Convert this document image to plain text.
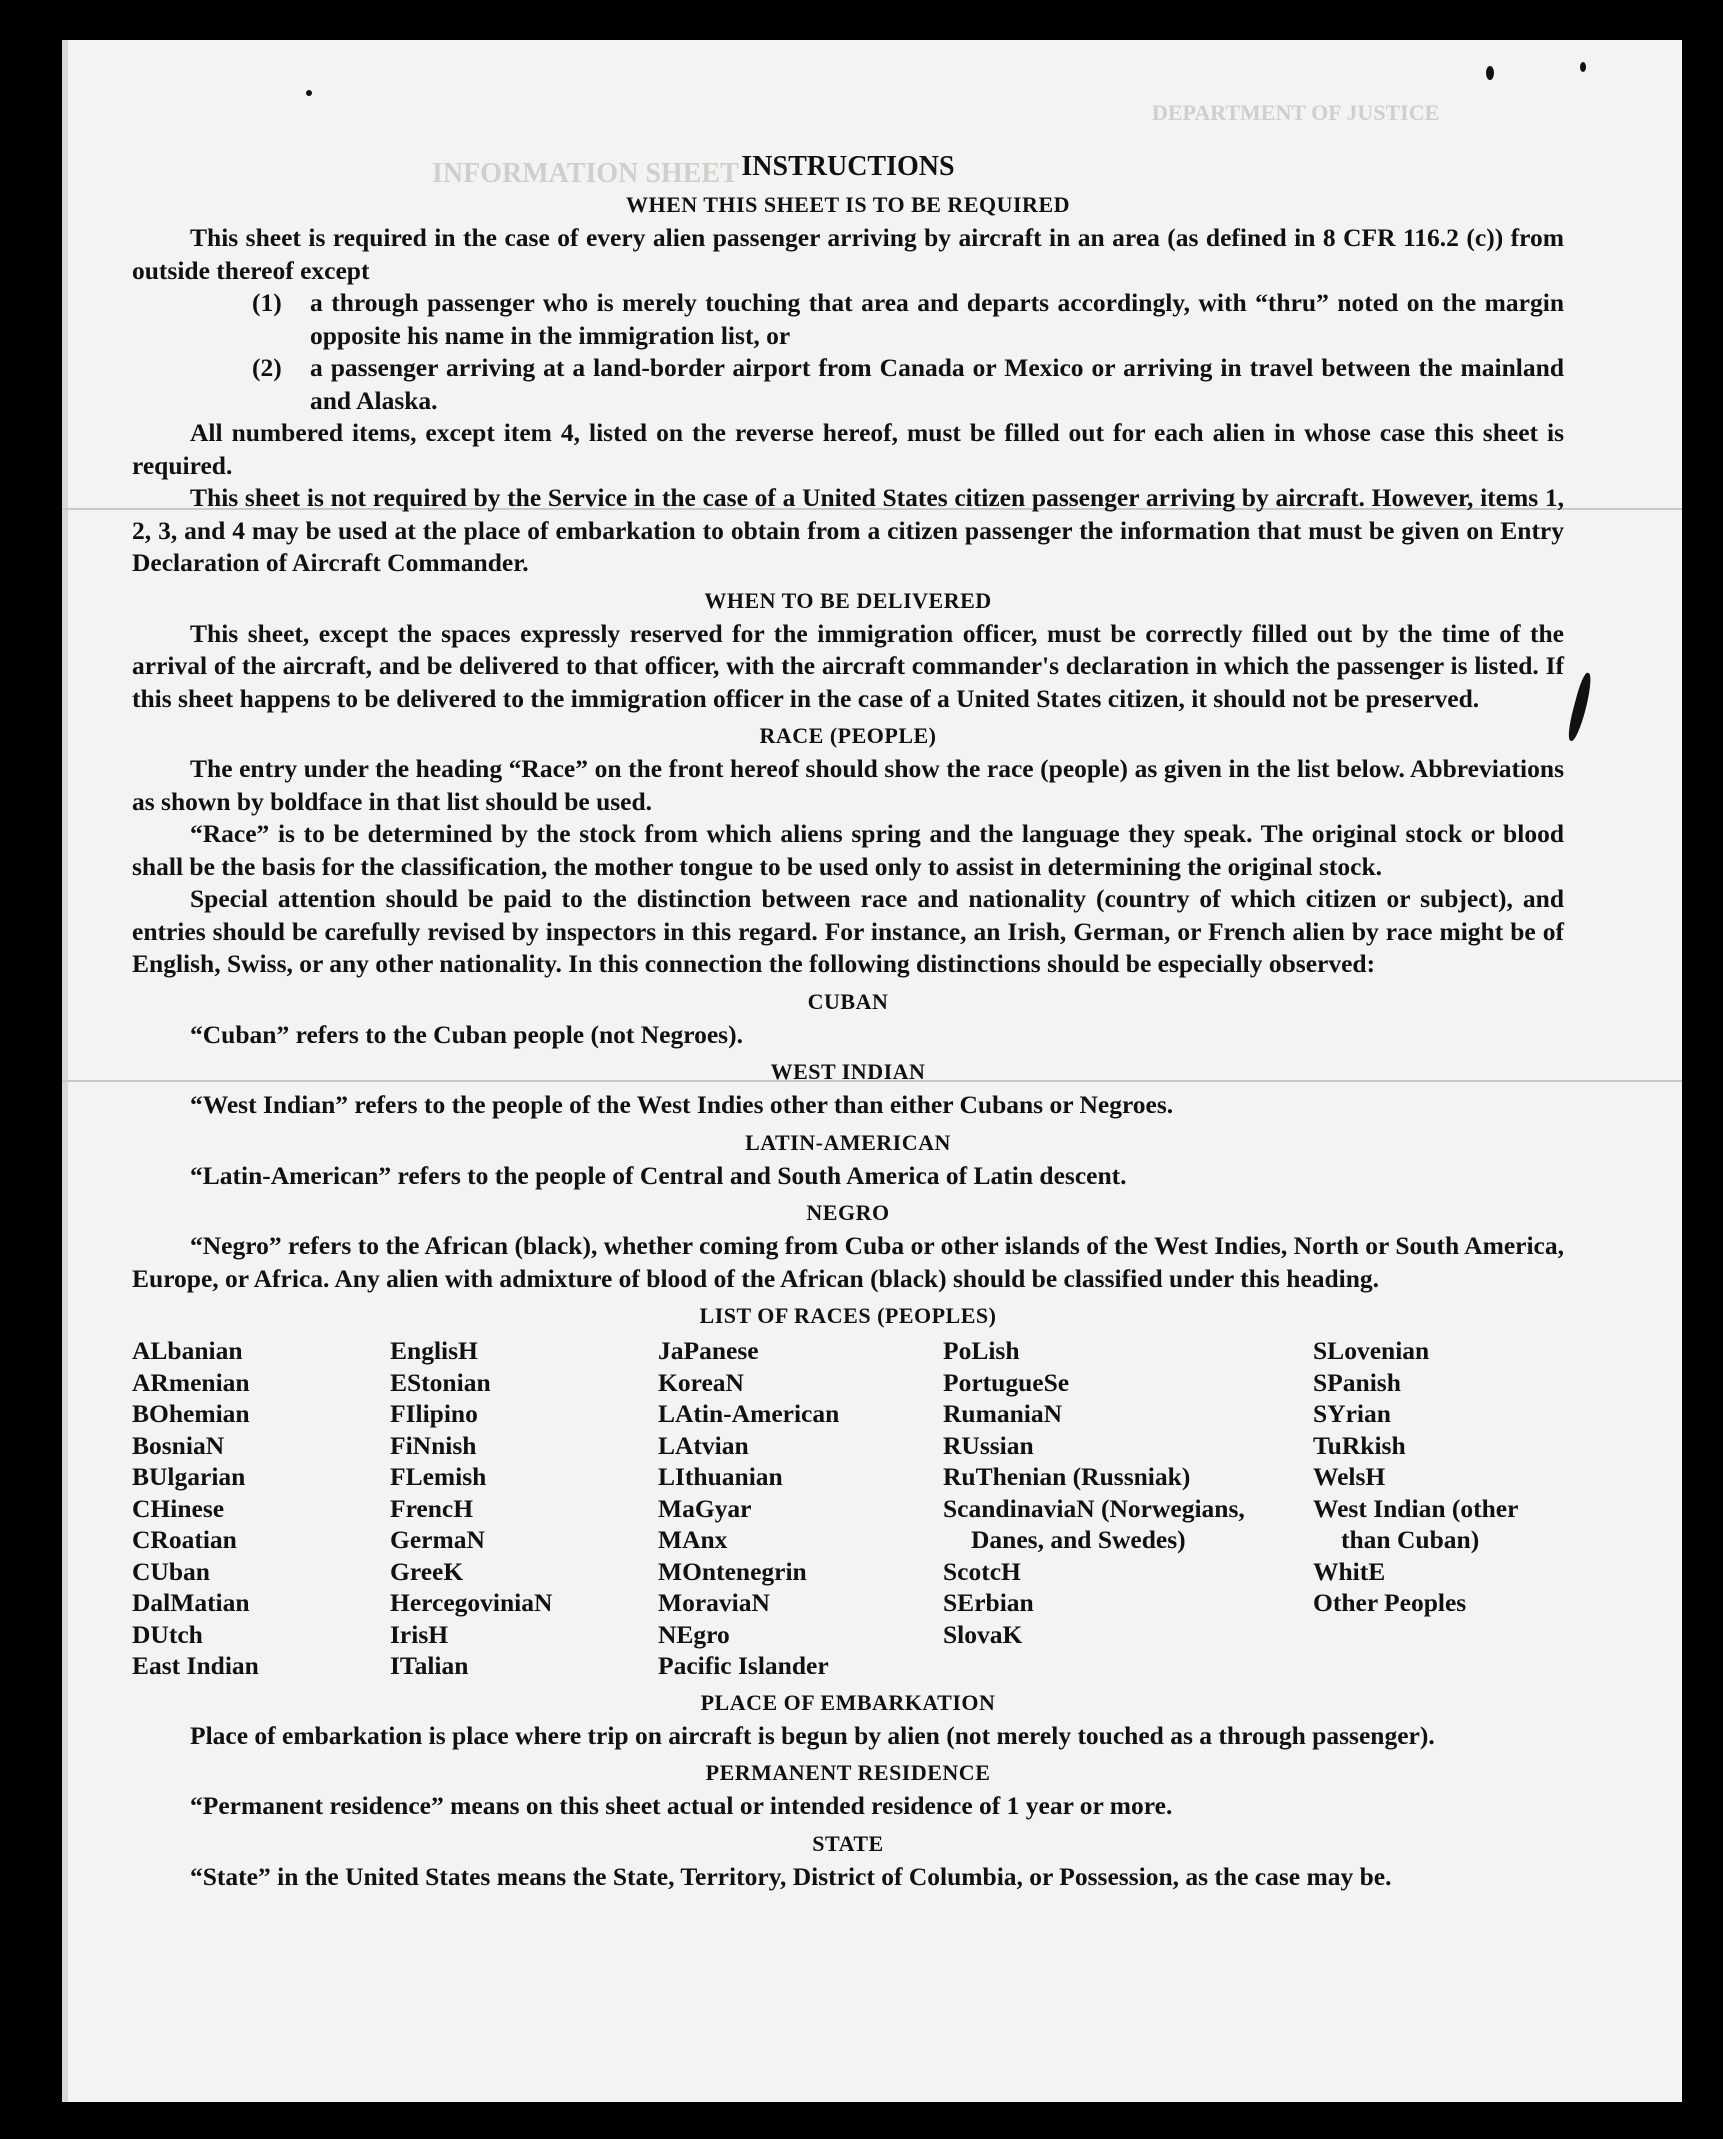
DEPARTMENT OF JUSTICE
INFORMATION SHEET INSTRUCTIONS
WHEN THIS SHEET IS TO BE REQUIRED

This sheet is required in the case of every alien passenger arriving by aircraft in an area (as defined in 8 CFR 116.2 (c)) from outside thereof except

(1)	a through passenger who is merely touching that area and departs accordingly, with “thru” noted on the margin opposite his name in the immigration list, or
(2)	a passenger arriving at a land-border airport from Canada or Mexico or arriving in travel between the mainland and Alaska.

All numbered items, except item 4, listed on the reverse hereof, must be filled out for each alien in whose case this sheet is required.

This sheet is not required by the Service in the case of a United States citizen passenger arriving by aircraft. However, items 1, 2, 3, and 4 may be used at the place of embarkation to obtain from a citizen passenger the information that must be given on Entry Declaration of Aircraft Commander.

WHEN TO BE DELIVERED

This sheet, except the spaces expressly reserved for the immigration officer, must be correctly filled out by the time of the arrival of the aircraft, and be delivered to that officer, with the aircraft commander's declaration in which the passenger is listed. If this sheet happens to be delivered to the immigration officer in the case of a United States citizen, it should not be preserved.

RACE (PEOPLE)

The entry under the heading “Race” on the front hereof should show the race (people) as given in the list below. Abbreviations as shown by boldface in that list should be used.

“Race” is to be determined by the stock from which aliens spring and the language they speak. The original stock or blood shall be the basis for the classification, the mother tongue to be used only to assist in determining the original stock.

Special attention should be paid to the distinction between race and nationality (country of which citizen or subject), and entries should be carefully revised by inspectors in this regard. For instance, an Irish, German, or French alien by race might be of English, Swiss, or any other nationality. In this connection the following distinctions should be especially observed:

CUBAN

“Cuban” refers to the Cuban people (not Negroes).

WEST INDIAN

“West Indian” refers to the people of the West Indies other than either Cubans or Negroes.

LATIN-AMERICAN

“Latin-American” refers to the people of Central and South America of Latin descent.

NEGRO

“Negro” refers to the African (black), whether coming from Cuba or other islands of the West Indies, North or South America, Europe, or Africa. Any alien with admixture of blood of the African (black) should be classified under this heading.

LIST OF RACES (PEOPLES)
ALbanian
ARmenian
BOhemian
BosniaN
BUlgarian
CHinese
CRoatian
CUban
DalMatian
DUtch
East Indian
EnglisH
EStonian
FIlipino
FiNnish
FLemish
FrencH
GermaN
GreeK
HercegoviniaN
IrisH
ITalian
JaPanese
KoreaN
LAtin-American
LAtvian
LIthuanian
MaGyar
MAnx
MOntenegrin
MoraviaN
NEgro
Pacific Islander
PoLish
PortugueSe
RumaniaN
RUssian
RuThenian (Russniak)
ScandinaviaN (Norwegians, Danes, and Swedes)
ScotcH
SErbian
SlovaK
SLovenian
SPanish
SYrian
TuRkish
WelsH
West Indian (other than Cuban)
WhitE
Other Peoples
PLACE OF EMBARKATION

Place of embarkation is place where trip on aircraft is begun by alien (not merely touched as a through passenger).

PERMANENT RESIDENCE

“Permanent residence” means on this sheet actual or intended residence of 1 year or more.

STATE

“State” in the United States means the State, Territory, District of Columbia, or Possession, as the case may be.
